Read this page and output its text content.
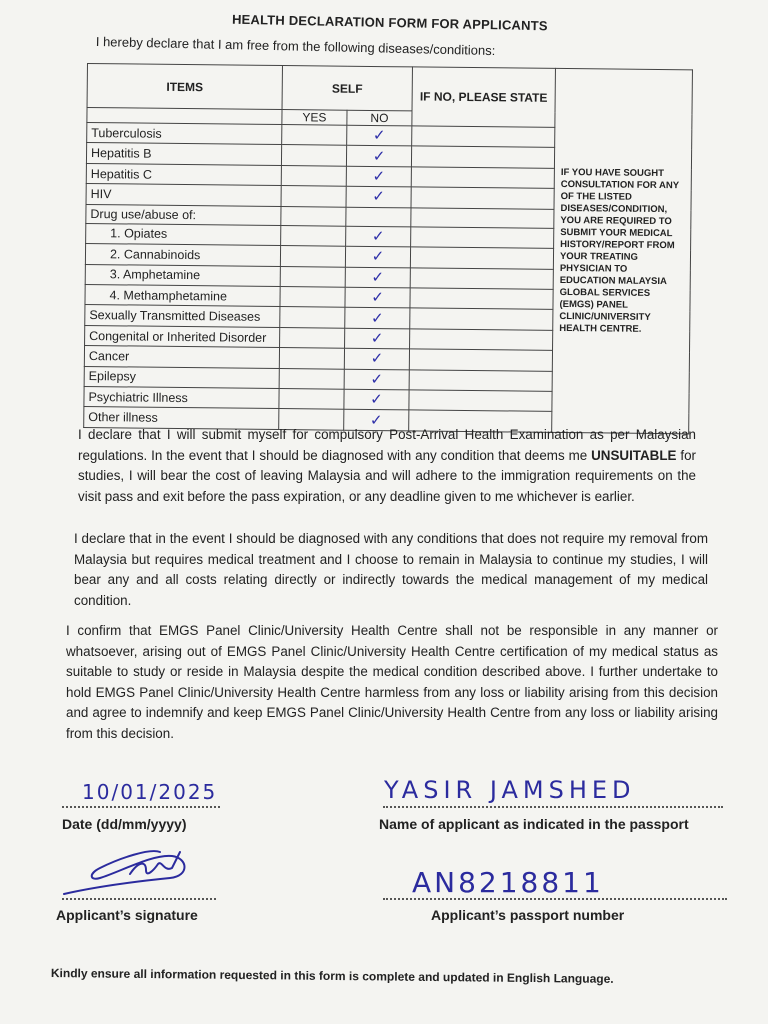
HEALTH DECLARATION FORM FOR APPLICANTS
I hereby declare that I am free from the following diseases/conditions:
ITEMS	SELF		IF NO, PLEASE STATE	IF YOU HAVE SOUGHT CONSULTATION FOR ANY OF THE LISTED DISEASES/CONDITION, YOU ARE REQUIRED TO SUBMIT YOUR MEDICAL HISTORY/REPORT FROM YOUR TREATING PHYSICIAN TO EDUCATION MALAYSIA GLOBAL SERVICES (EMGS) PANEL CLINIC/UNIVERSITY HEALTH CENTRE.
	YES	NO		
Tuberculosis		✓		
Hepatitis B		✓		
Hepatitis C		✓		
HIV		✓		
Drug use/abuse of:				
1. Opiates		✓		
2. Cannabinoids		✓		
3. Amphetamine		✓		
4. Methamphetamine		✓		
Sexually Transmitted Diseases		✓		
Congenital or Inherited Disorder		✓		
Cancer		✓		
Epilepsy		✓		
Psychiatric Illness		✓		
Other illness		✓		
I declare that I will submit myself for compulsory Post-Arrival Health Examination as per Malaysian regulations. In the event that I should be diagnosed with any condition that deems me UNSUITABLE for studies, I will bear the cost of leaving Malaysia and will adhere to the immigration requirements on the visit pass and exit before the pass expiration, or any deadline given to me whichever is earlier.
I declare that in the event I should be diagnosed with any conditions that does not require my removal from Malaysia but requires medical treatment and I choose to remain in Malaysia to continue my studies, I will bear any and all costs relating directly or indirectly towards the medical management of my medical condition.
I confirm that EMGS Panel Clinic/University Health Centre shall not be responsible in any manner or whatsoever, arising out of EMGS Panel Clinic/University Health Centre certification of my medical status as suitable to study or reside in Malaysia despite the medical condition described above. I further undertake to hold EMGS Panel Clinic/University Health Centre harmless from any loss or liability arising from this decision and agree to indemnify and keep EMGS Panel Clinic/University Health Centre from any loss or liability arising from this decision.
10/01/2025
Date (dd/mm/yyyy)
YASIR JAMSHED
Name of applicant as indicated in the passport
Applicant’s signature
AN8218811
Applicant’s passport number
Kindly ensure all information requested in this form is complete and updated in English Language.
